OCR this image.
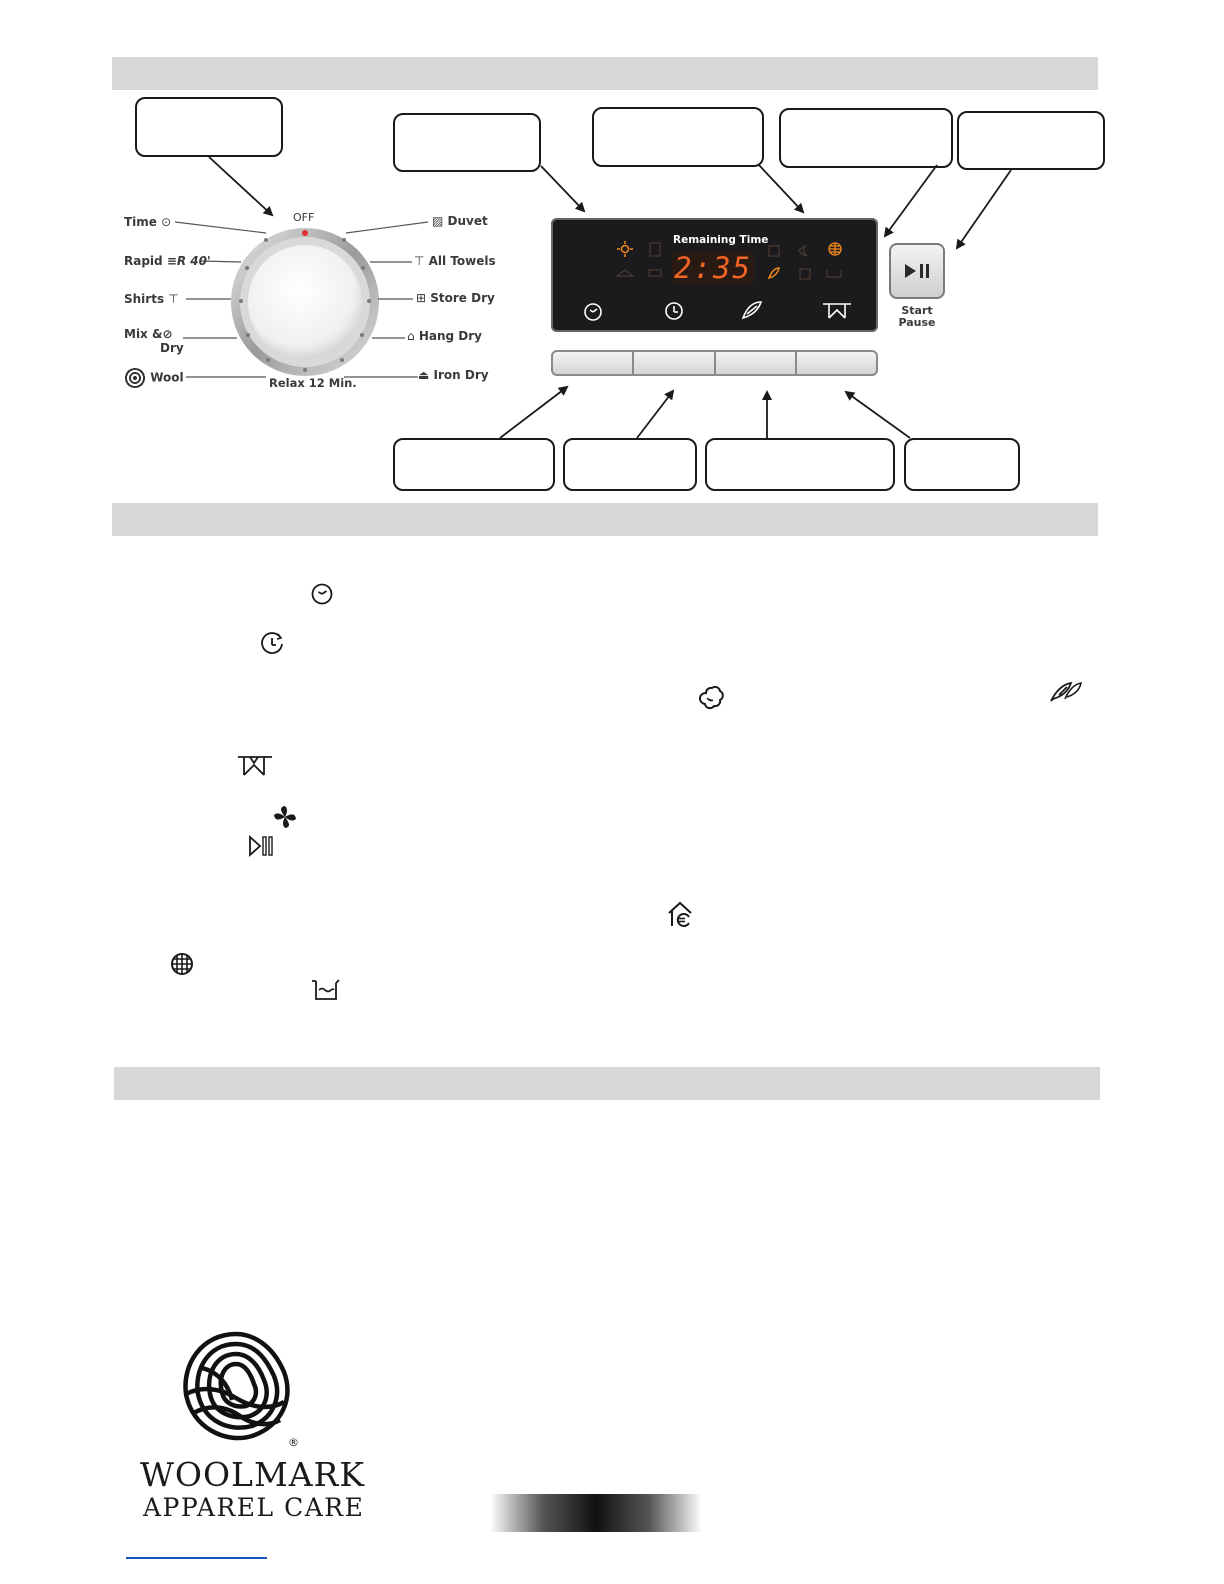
OFF
Relax 12 Min.
Time ⊙
Rapid ≡R 40'
Shirts ⊤
Mix &⊘
Dry
Wool
▨ Duvet
⊤ All Towels
⊞ Store Dry
⌂ Hang Dry
⏏ Iron Dry
Remaining Time
2:35
Start
Pause
®
WOOLMARK
APPAREL CARE
